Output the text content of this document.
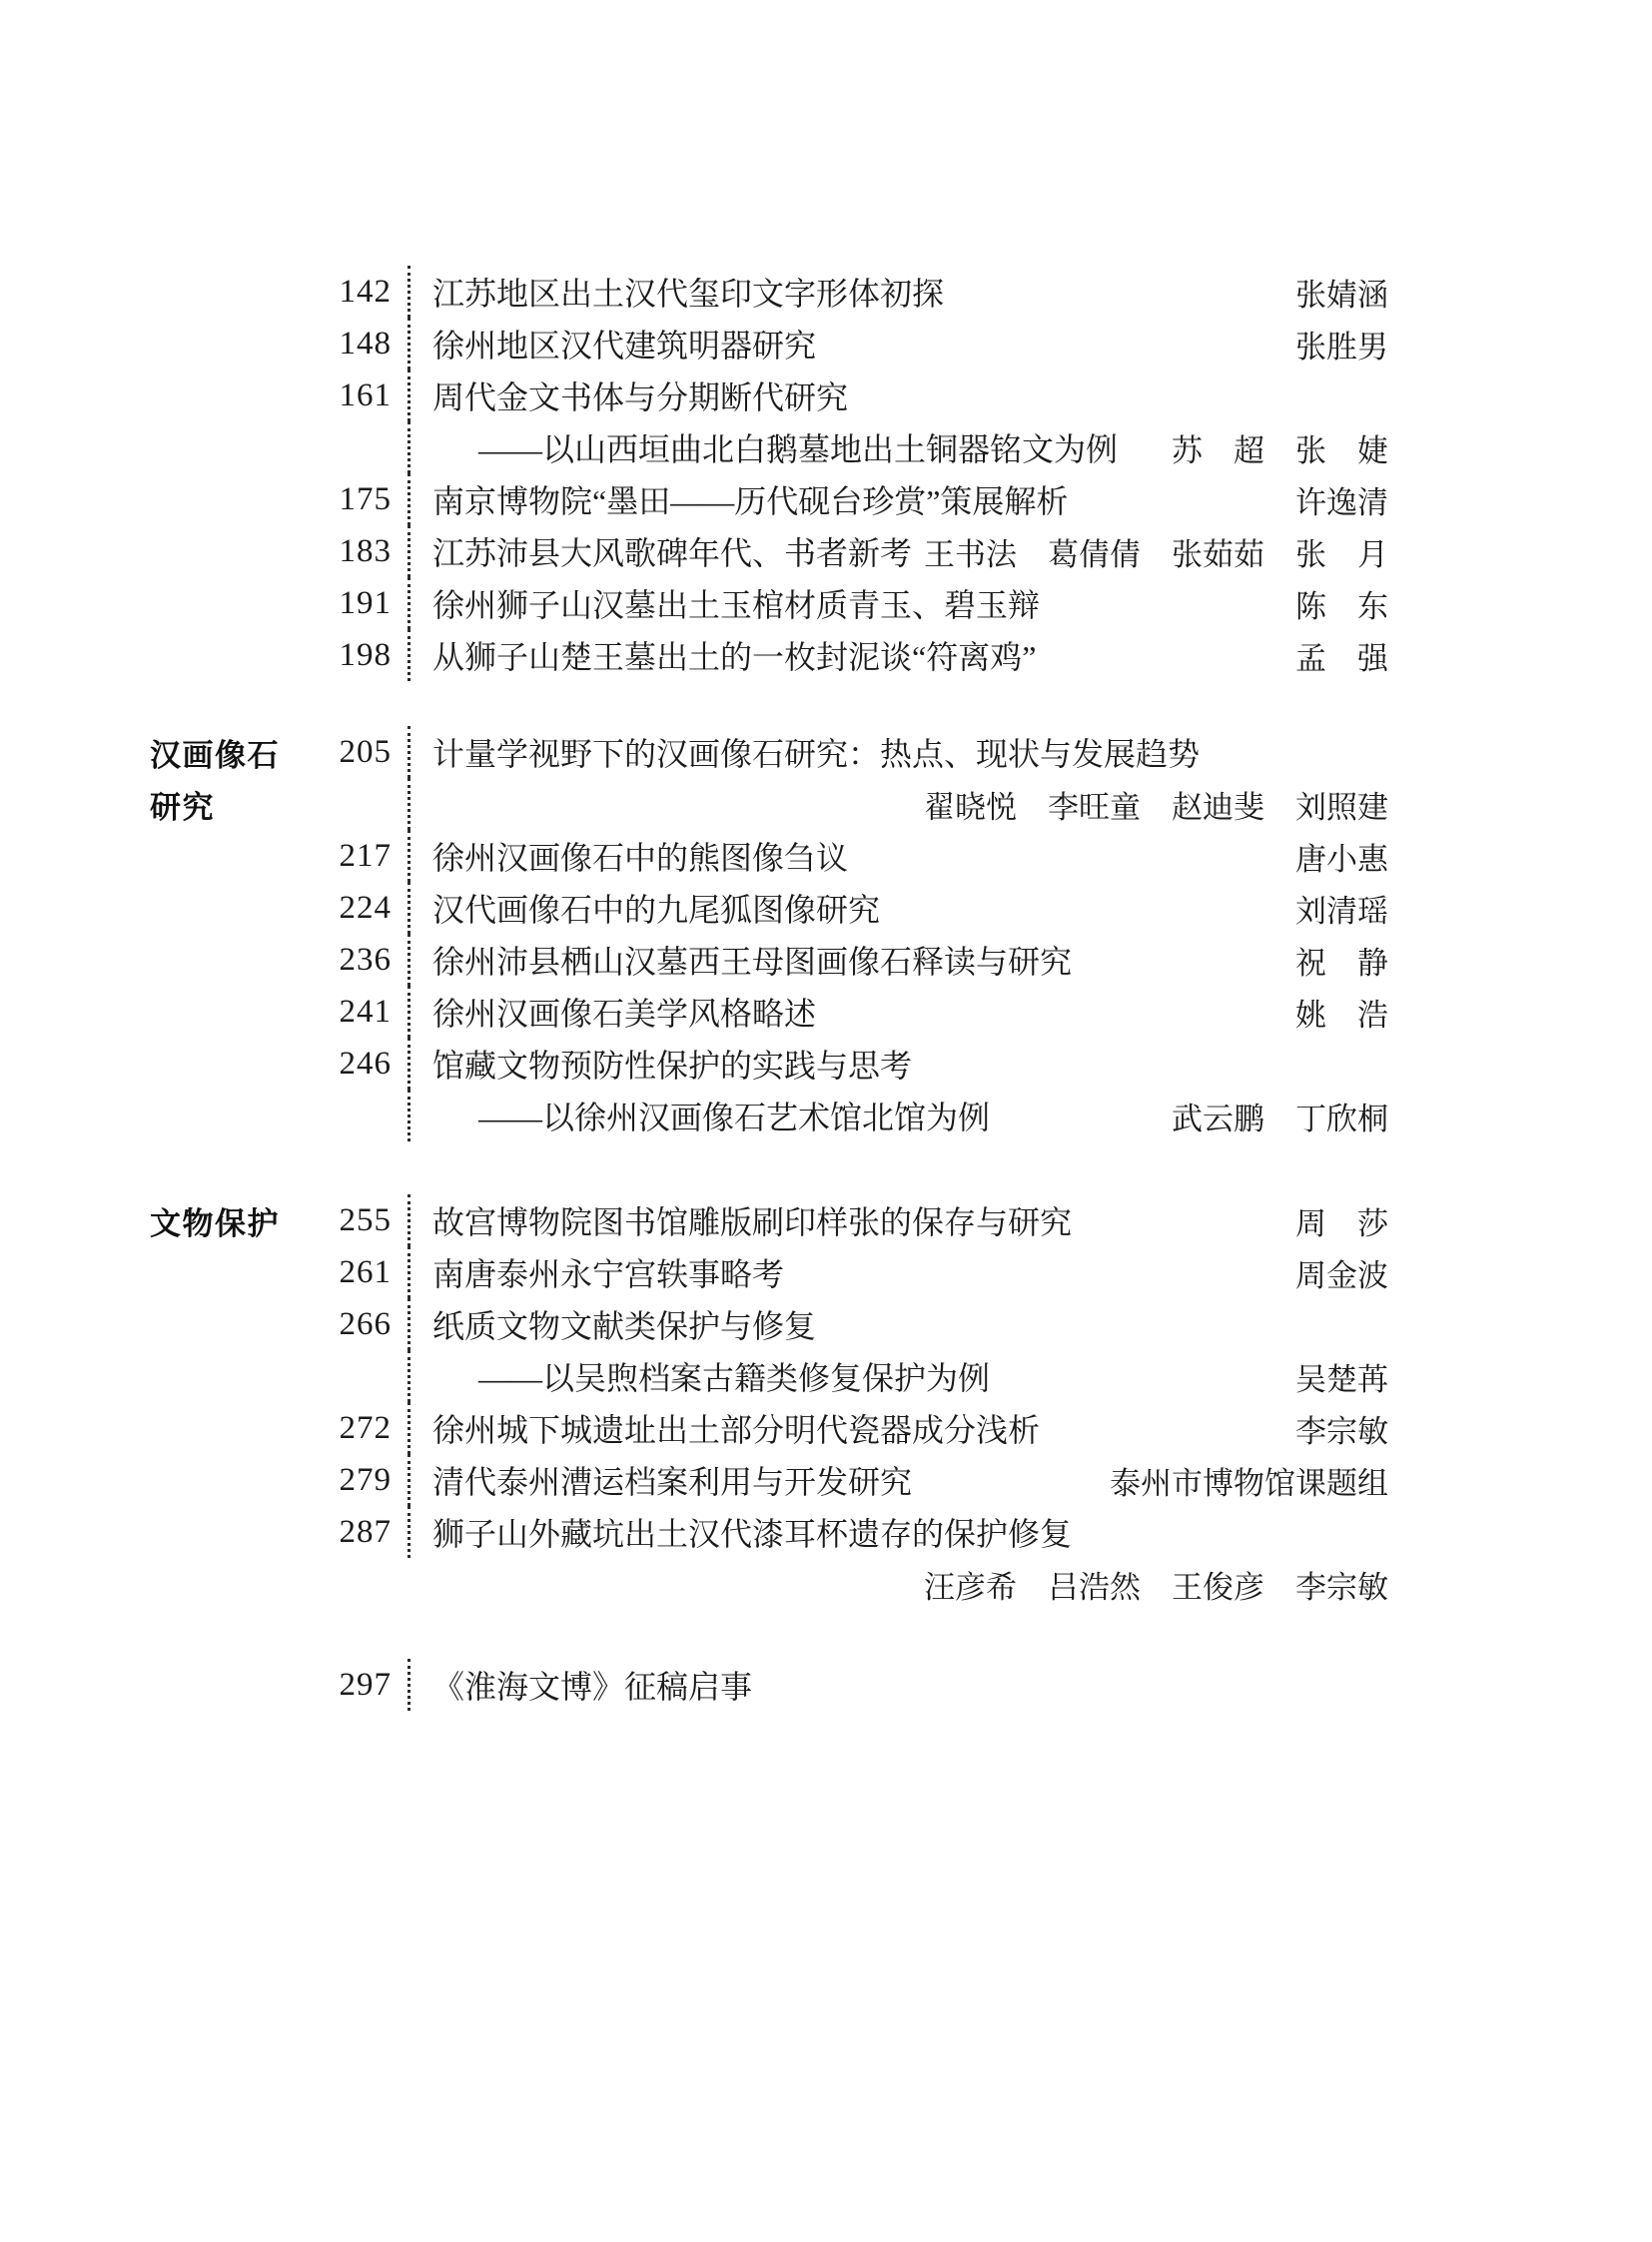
142 江苏地区出土汉代玺印文字形体初探	张婧涵
148 徐州地区汉代建筑明器研究	张胜男
161 周代金文书体与分期断代研究
——以山西垣曲北白鹅墓地出土铜器铭文为例 苏　超　张　婕
175 南京博物院“墨田——历代砚台珍赏”策展解析	许逸清
183 江苏沛县大风歌碑年代、书者新考 王书法　葛倩倩　张茹茹　张　月
191 徐州狮子山汉墓出土玉棺材质青玉、碧玉辩	陈　东
198 从狮子山楚王墓出土的一枚封泥谈“符离鸡”	孟　强
汉画像石
研究
205 计量学视野下的汉画像石研究：热点、现状与发展趋势
翟晓悦　李旺童　赵迪斐　刘照建
217 徐州汉画像石中的熊图像刍议	唐小惠
224 汉代画像石中的九尾狐图像研究	刘清瑶
236 徐州沛县栖山汉墓西王母图画像石释读与研究	祝　静
241 徐州汉画像石美学风格略述	姚　浩
246 馆藏文物预防性保护的实践与思考
——以徐州汉画像石艺术馆北馆为例	武云鹏　丁欣桐
文物保护	255 故宫博物院图书馆雕版刷印样张的保存与研究	周　莎
261 南唐泰州永宁宫轶事略考	周金波
266 纸质文物文献类保护与修复
——以吴煦档案古籍类修复保护为例	吴楚苒
272 徐州城下城遗址出土部分明代瓷器成分浅析	李宗敏
279 清代泰州漕运档案利用与开发研究	泰州市博物馆课题组
287 狮子山外藏坑出土汉代漆耳杯遗存的保护修复
汪彦希　吕浩然　王俊彦　李宗敏
297 《淮海文博》征稿启事
